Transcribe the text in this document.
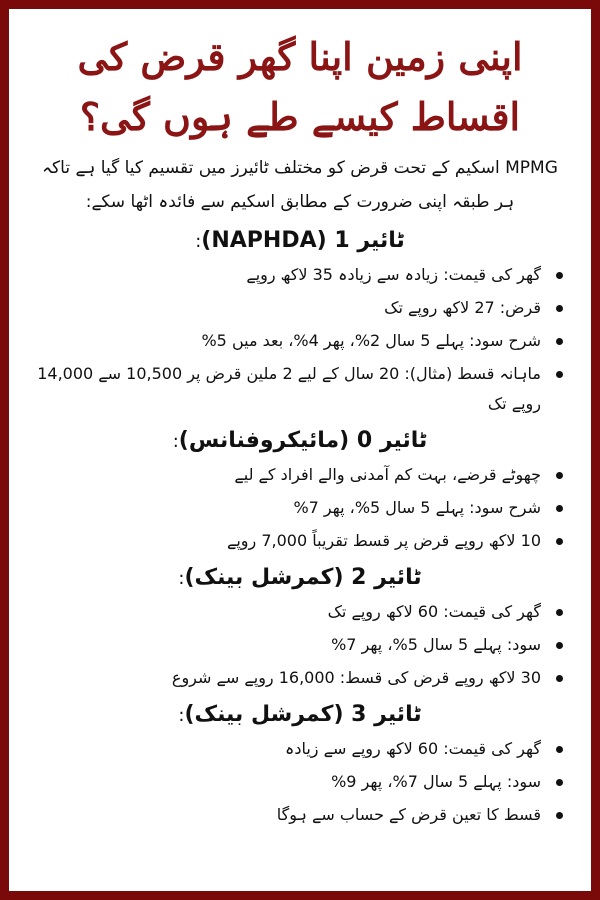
اپنی زمین اپنا گھر قرض کی اقساط کیسے طے ہوں گی؟

MPMG اسکیم کے تحت قرض کو مختلف ٹائیرز میں تقسیم کیا گیا ہے تاکہ ہر طبقہ اپنی ضرورت کے مطابق اسکیم سے فائدہ اٹھا سکے:

ٹائیر 1 (NAPHDA):
گھر کی قیمت: زیادہ سے زیادہ 35 لاکھ روپے
قرض: 27 لاکھ روپے تک
شرح سود: پہلے 5 سال 2%، پھر 4%، بعد میں 5%
ماہانہ قسط (مثال): 20 سال کے لیے 2 ملین قرض پر 10,500 سے 14,000 روپے تک
ٹائیر 0 (مائیکروفنانس):
چھوٹے قرضے، بہت کم آمدنی والے افراد کے لیے
شرح سود: پہلے 5 سال 5%، پھر 7%
10 لاکھ روپے قرض پر قسط تقریباً 7,000 روپے
ٹائیر 2 (کمرشل بینک):
گھر کی قیمت: 60 لاکھ روپے تک
سود: پہلے 5 سال 5%، پھر 7%
30 لاکھ روپے قرض کی قسط: 16,000 روپے سے شروع
ٹائیر 3 (کمرشل بینک):
گھر کی قیمت: 60 لاکھ روپے سے زیادہ
سود: پہلے 5 سال 7%، پھر 9%
قسط کا تعین قرض کے حساب سے ہوگا
